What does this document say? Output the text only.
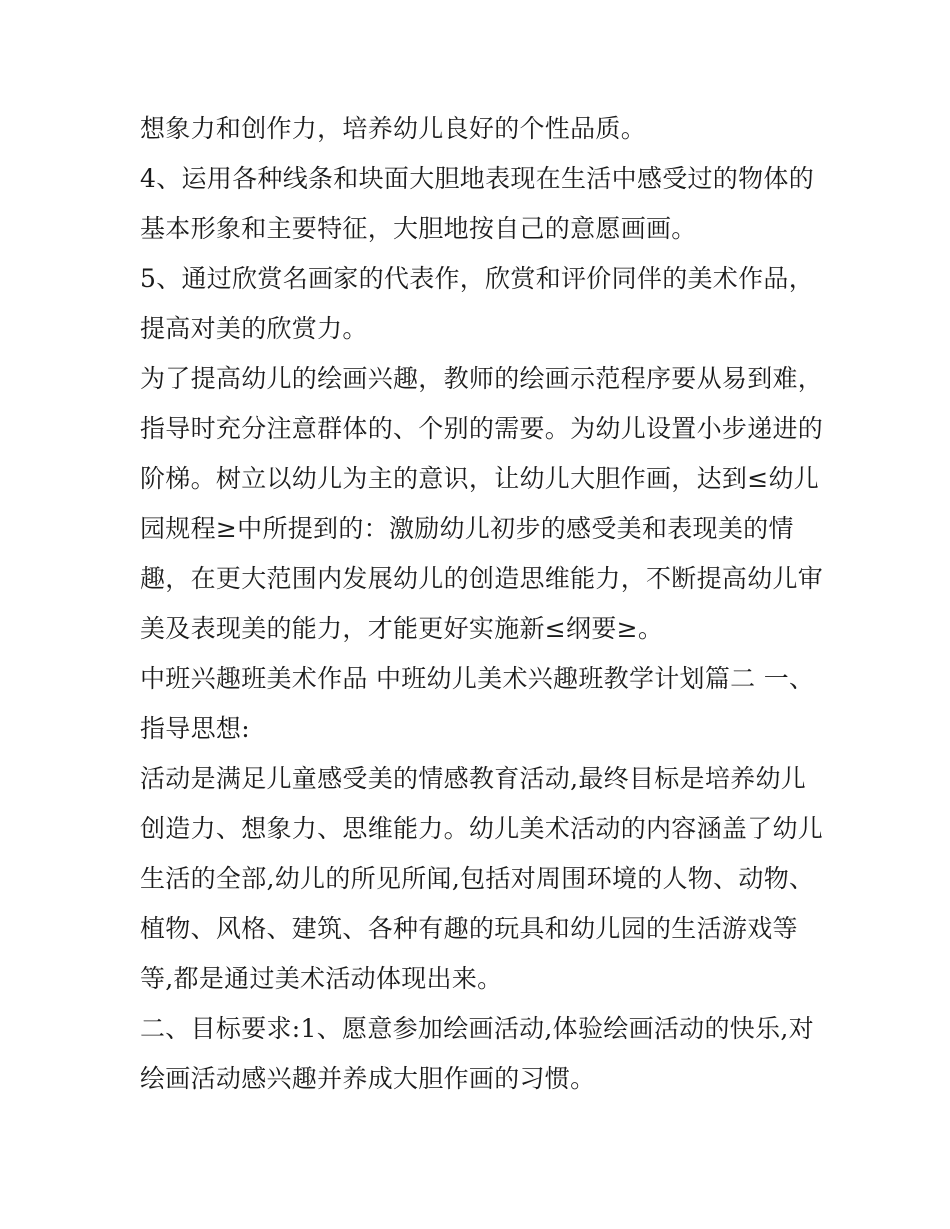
想象力和创作力，培养幼儿良好的个性品质。
4、运用各种线条和块面大胆地表现在生活中感受过的物体的
基本形象和主要特征，大胆地按自己的意愿画画。
5、通过欣赏名画家的代表作，欣赏和评价同伴的美术作品，
提高对美的欣赏力。
为了提高幼儿的绘画兴趣，教师的绘画示范程序要从易到难，
指导时充分注意群体的、个别的需要。为幼儿设置小步递进的
阶梯。树立以幼儿为主的意识，让幼儿大胆作画，达到≤幼儿
园规程≥中所提到的：激励幼儿初步的感受美和表现美的情
趣，在更大范围内发展幼儿的创造思维能力，不断提高幼儿审
美及表现美的能力，才能更好实施新≤纲要≥。
中班兴趣班美术作品 中班幼儿美术兴趣班教学计划篇二 一、
指导思想:
活动是满足儿童感受美的情感教育活动,最终目标是培养幼儿
创造力、想象力、思维能力。幼儿美术活动的内容涵盖了幼儿
生活的全部,幼儿的所见所闻,包括对周围环境的人物、动物、
植物、风格、建筑、各种有趣的玩具和幼儿园的生活游戏等
等,都是通过美术活动体现出来。
二、目标要求:1、愿意参加绘画活动,体验绘画活动的快乐,对
绘画活动感兴趣并养成大胆作画的习惯。
